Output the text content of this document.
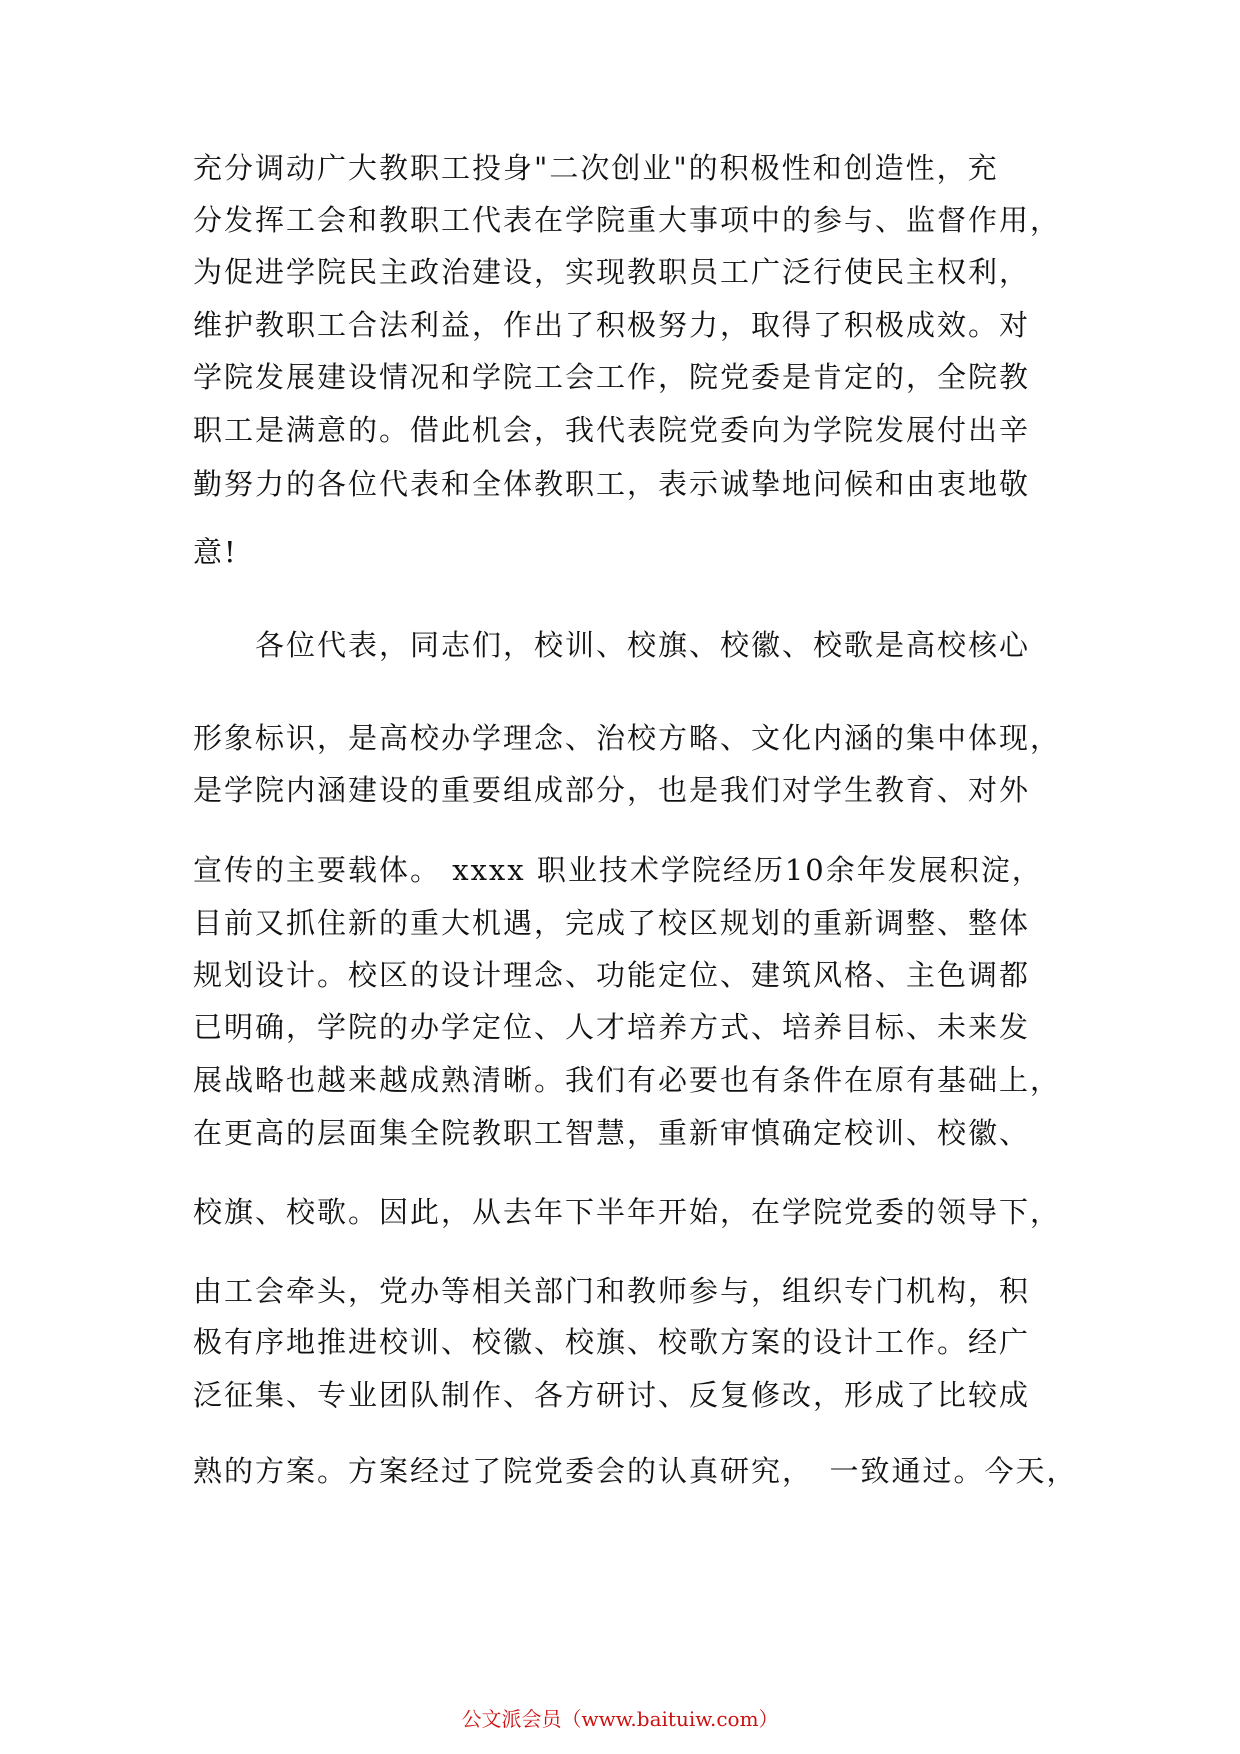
充分调动广大教职工投身"二次创业"的积极性和创造性，充
分发挥工会和教职工代表在学院重大事项中的参与、监督作用，
为促进学院民主政治建设，实现教职员工广泛行使民主权利，
维护教职工合法利益，作出了积极努力，取得了积极成效。对
学院发展建设情况和学院工会工作，院党委是肯定的，全院教
职工是满意的。借此机会，我代表院党委向为学院发展付出辛
勤努力的各位代表和全体教职工，表示诚挚地问候和由衷地敬
意!
　　各位代表，同志们，校训、校旗、校徽、校歌是高校核心
形象标识，是高校办学理念、治校方略、文化内涵的集中体现，
是学院内涵建设的重要组成部分，也是我们对学生教育、对外
宣传的主要载体。 xxxx 职业技术学院经历10余年发展积淀，
目前又抓住新的重大机遇，完成了校区规划的重新调整、整体
规划设计。校区的设计理念、功能定位、建筑风格、主色调都
已明确，学院的办学定位、人才培养方式、培养目标、未来发
展战略也越来越成熟清晰。我们有必要也有条件在原有基础上，
在更高的层面集全院教职工智慧，重新审慎确定校训、校徽、
校旗、校歌。因此，从去年下半年开始，在学院党委的领导下，
由工会牵头，党办等相关部门和教师参与，组织专门机构，积
极有序地推进校训、校徽、校旗、校歌方案的设计工作。经广
泛征集、专业团队制作、各方研讨、反复修改，形成了比较成
熟的方案。方案经过了院党委会的认真研究，　一致通过。今天，
公文派会员（www.baituiw.com）
